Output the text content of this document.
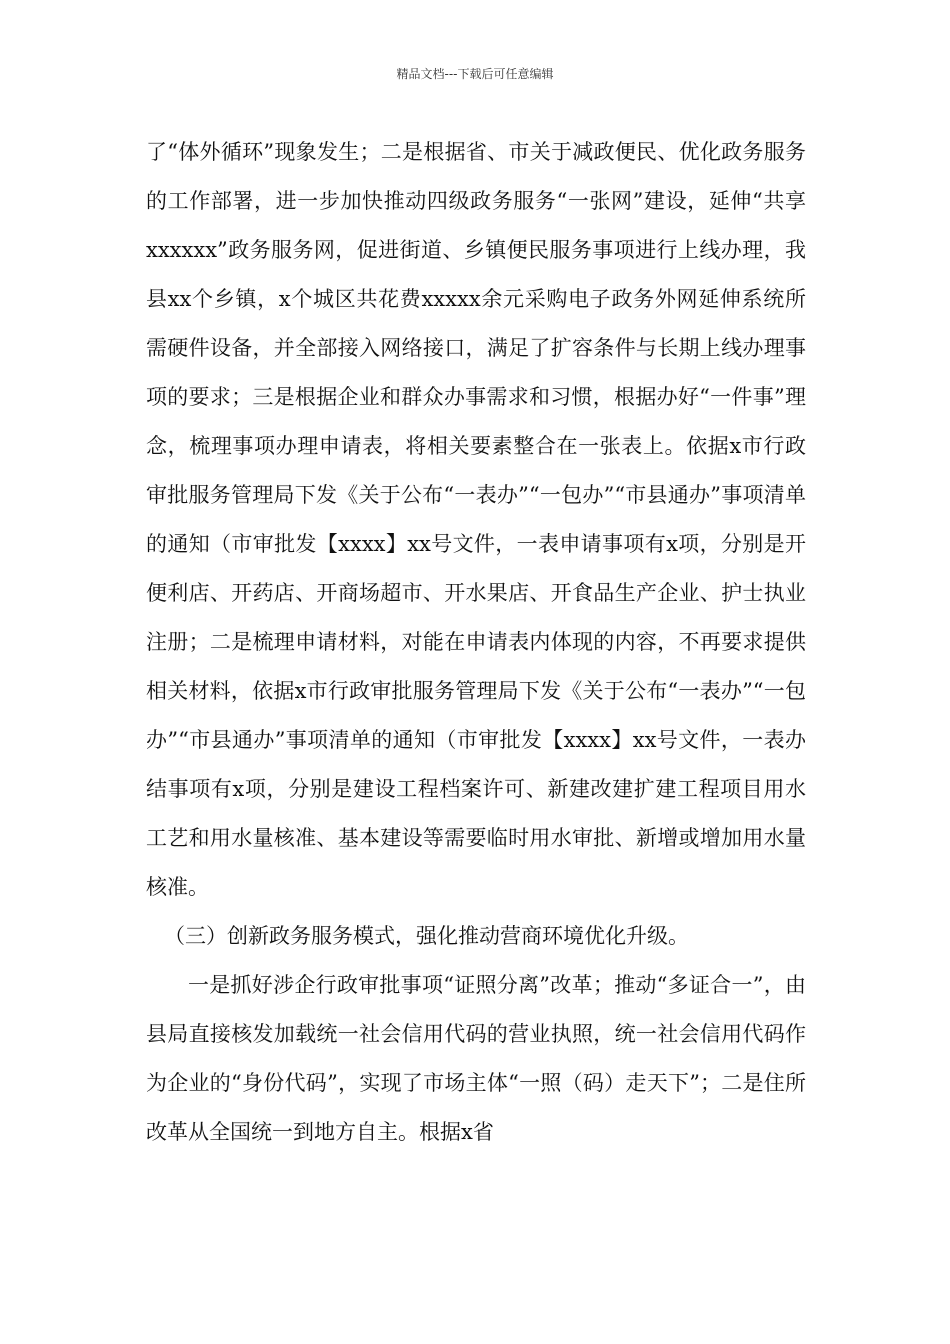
精品文档---下载后可任意编辑

了“体外循环”现象发生；二是根据省、市关于减政便民、优化政务服务的工作部署，进一步加快推动四级政务服务“一张网”建设，延伸“共享xxxxxx”政务服务网，促进街道、乡镇便民服务事项进行上线办理，我县xx个乡镇，x个城区共花费xxxxx余元采购电子政务外网延伸系统所需硬件设备，并全部接入网络接口，满足了扩容条件与长期上线办理事项的要求；三是根据企业和群众办事需求和习惯，根据办好“一件事”理念，梳理事项办理申请表，将相关要素整合在一张表上。依据x市行政审批服务管理局下发《关于公布“一表办”“一包办”“市县通办”事项清单的通知（市审批发【xxxx】xx号文件，一表申请事项有x项，分别是开便利店、开药店、开商场超市、开水果店、开食品生产企业、护士执业注册；二是梳理申请材料，对能在申请表内体现的内容，不再要求提供相关材料，依据x市行政审批服务管理局下发《关于公布“一表办”“一包办”“市县通办”事项清单的通知（市审批发【xxxx】xx号文件，一表办结事项有x项，分别是建设工程档案许可、新建改建扩建工程项目用水工艺和用水量核准、基本建设等需要临时用水审批、新增或增加用水量核准。

（三）创新政务服务模式，强化推动营商环境优化升级。

一是抓好涉企行政审批事项“证照分离”改革；推动“多证合一”，由县局直接核发加载统一社会信用代码的营业执照，统一社会信用代码作为企业的“身份代码”，实现了市场主体“一照（码）走天下”；二是住所改革从全国统一到地方自主。根据x省
